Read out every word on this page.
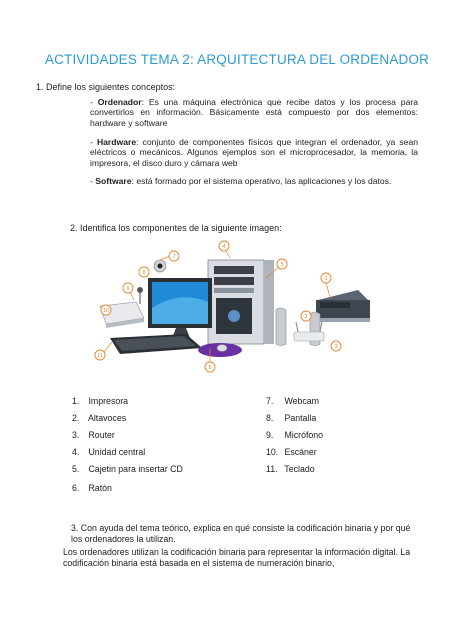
ACTIVIDADES TEMA 2: ARQUITECTURA DEL ORDENADOR
1. Define los siguientes conceptos:
- Ordenador: Es una máquina electrónica que recibe datos y los procesa para convertirlos en información. Básicamente está compuesto por dos elementos: hardware y software
- Hardware: conjunto de componentes físicos que integran el ordenador, ya sean eléctricos o mecánicos. Algunos ejemplos son el microprocesador, la memoria, la impresora, el disco duro y cámara web
- Software: está formado por el sistema operativo, las aplicaciones y los datos.
2. Identifica los componentes de la siguiente imagen:
4
7
8
9
10
11
6
5
1
2
3
1. Impresora
2. Altavoces
3. Router
4. Unidad central
5. Cajetin para insertar CD
6. Ratòn
7. Webcam
8. Pantalla
9. Micrófono
10. Escáner
11. Teclado
3. Con ayuda del tema teórico, explica en qué consiste la codificación binaria y por qué los ordenadores la utilizan.
Los ordenadores utilizan la codificación binaria para representar la información digital. La codificación binaria está basada en el sistema de numeración binario,
